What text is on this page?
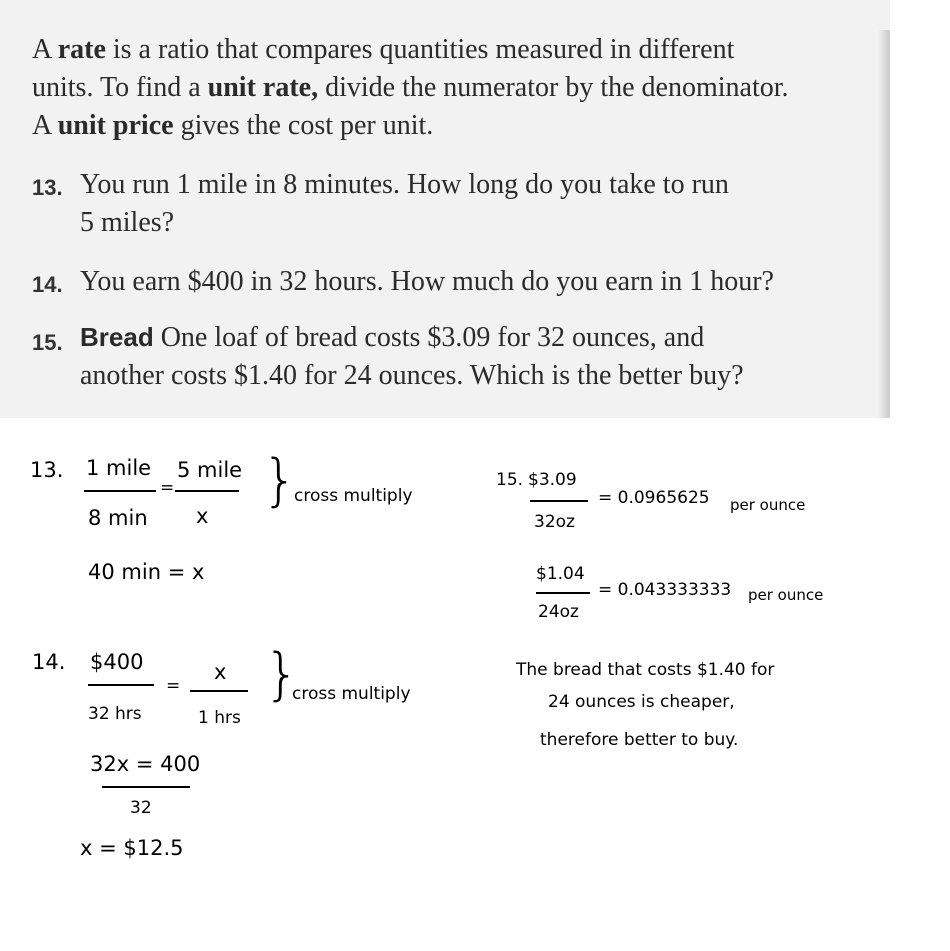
A rate is a ratio that compares quantities measured in different
units. To find a unit rate, divide the numerator by the denominator.
A unit price gives the cost per unit.
13. You run 1 mile in 8 minutes. How long do you take to run
5 miles?
14. You earn $400 in 32 hours. How much do you earn in 1 hour?
15. Bread One loaf of bread costs $3.09 for 32 ounces, and
another costs $1.40 for 24 ounces. Which is the better buy?
13. 1 mile
8 min
=
5 mile
x
}
cross multiply
40 min = x
14. $400
32 hrs
=
x
1 hrs
}
cross multiply
32x = 400
32
x = $12.5
15. $3.09
32oz
= 0.0965625 per ounce
$1.04
24oz
= 0.043333333 per ounce
The bread that costs $1.40 for
24 ounces is cheaper,
therefore better to buy.
